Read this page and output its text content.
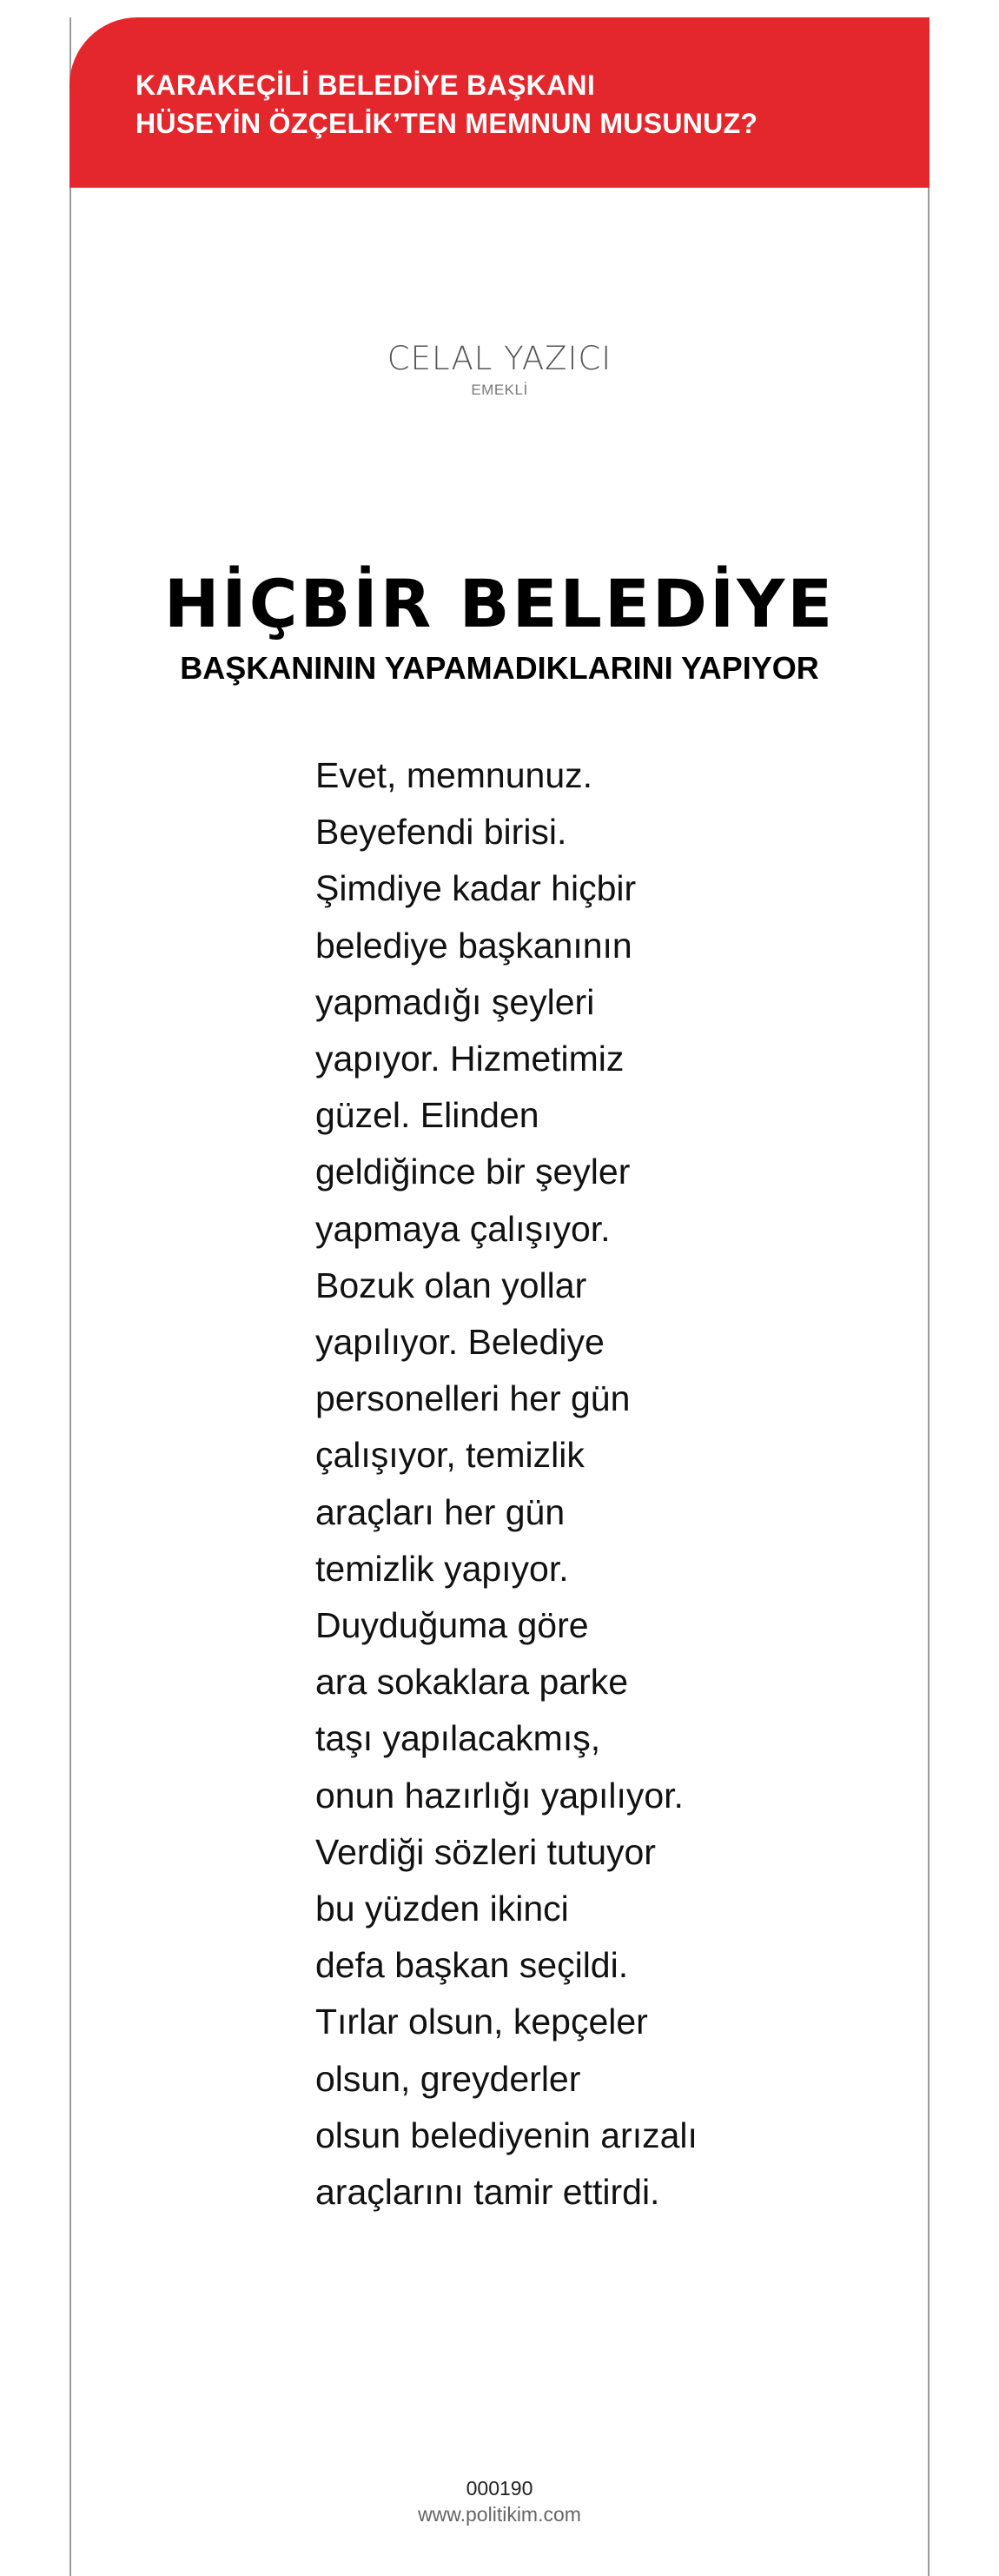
KARAKEÇİLİ BELEDİYE BAŞKANI
HÜSEYİN ÖZÇELİK’TEN MEMNUN MUSUNUZ?
CELAL YAZICI
EMEKLİ
HİÇBİR BELEDİYE
BAŞKANININ YAPAMADIKLARINI YAPIYOR
Evet, memnunuz.
Beyefendi birisi.
Şimdiye kadar hiçbir
belediye başkanının
yapmadığı şeyleri
yapıyor. Hizmetimiz
güzel. Elinden
geldiğince bir şeyler
yapmaya çalışıyor.
Bozuk olan yollar
yapılıyor. Belediye
personelleri her gün
çalışıyor, temizlik
araçları her gün
temizlik yapıyor.
Duyduğuma göre
ara sokaklara parke
taşı yapılacakmış,
onun hazırlığı yapılıyor.
Verdiği sözleri tutuyor
bu yüzden ikinci
defa başkan seçildi.
Tırlar olsun, kepçeler
olsun, greyderler
olsun belediyenin arızalı
araçlarını tamir ettirdi.
000190
www.politikim.com
